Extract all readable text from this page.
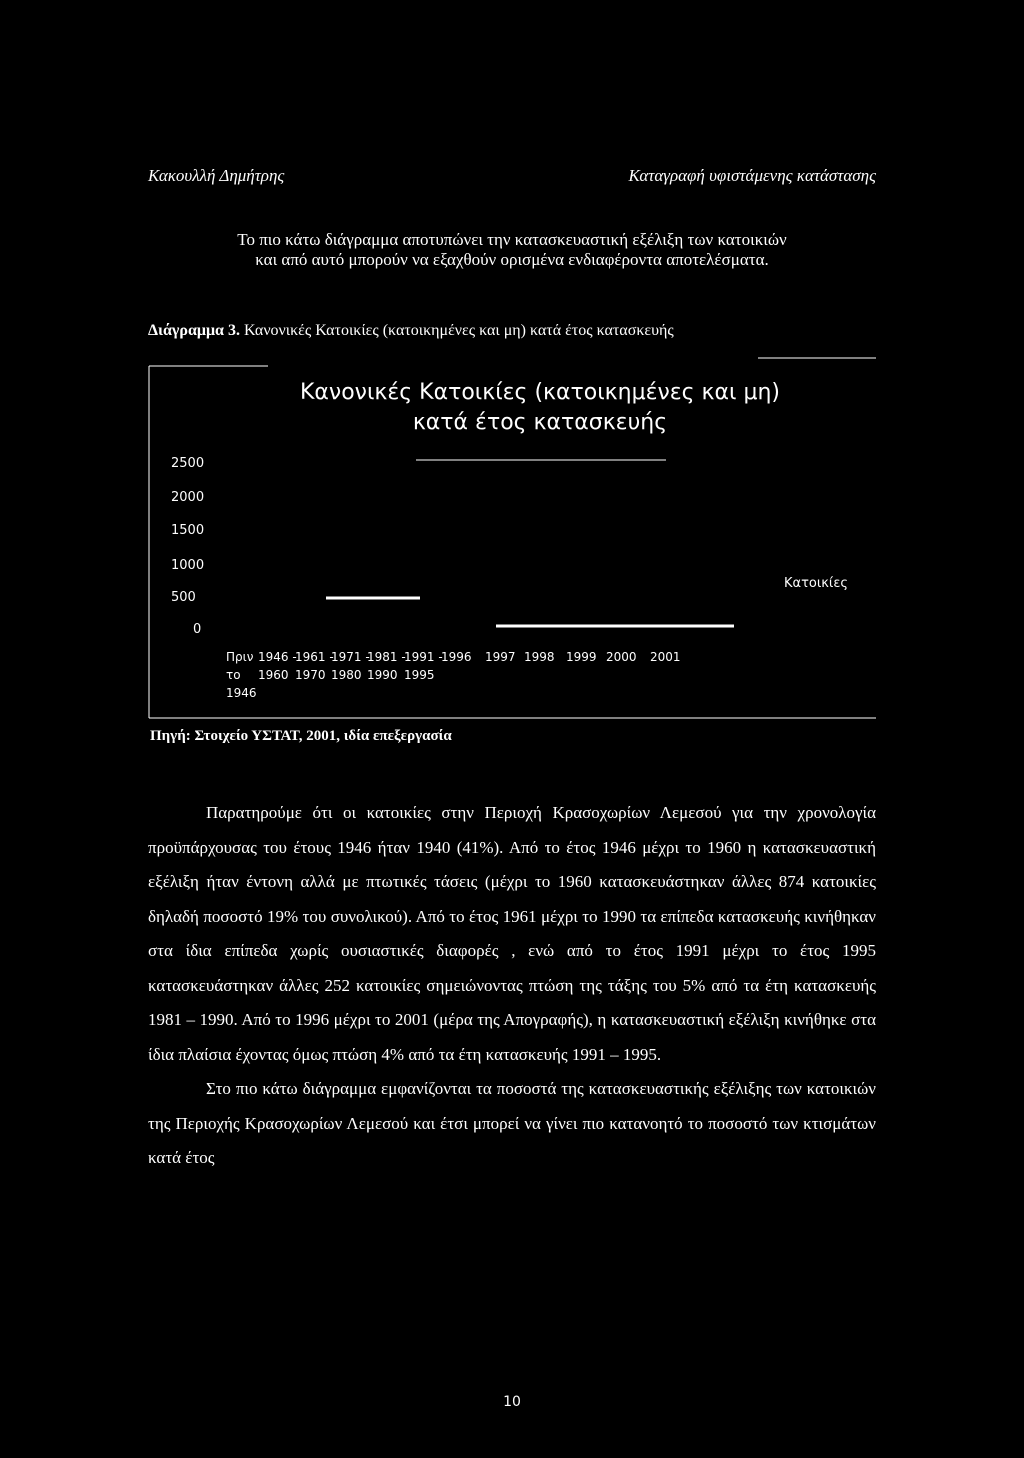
Κακουλλή Δημήτρης	Καταγραφή υφιστάμενης κατάστασης
Το πιο κάτω διάγραμμα αποτυπώνει την κατασκευαστική εξέλιξη των κατοικιών
και από αυτό μπορούν να εξαχθούν ορισμένα ενδιαφέροντα αποτελέσματα.
Διάγραμμα 3. Κανονικές Κατοικίες (κατοικημένες και μη) κατά έτος κατασκευής
Κανονικές Κατοικίες (κατοικημένες και μη)
κατά έτος κατασκευής
2500
2000
1500
1000
500
0
Πριν
το
1946
1946 -
1960
1961 -
1970
1971 -
1980
1981 -
1990
1991 -
1995
1996 1997 1998 1999 2000 2001
Κατοικίες
Πηγή: Στοιχείο ΥΣΤΑΤ, 2001, ιδία επεξεργασία

Παρατηρούμε ότι οι κατοικίες στην Περιοχή Κρασοχωρίων Λεμεσού για την χρονολογία προϋπάρχουσας του έτους 1946 ήταν 1940 (41%). Από το έτος 1946 μέχρι το 1960 η κατασκευαστική εξέλιξη ήταν έντονη αλλά με πτωτικές τάσεις (μέχρι το 1960 κατασκευάστηκαν άλλες 874 κατοικίες δηλαδή ποσοστό 19% του συνολικού). Από το έτος 1961 μέχρι το 1990 τα επίπεδα κατασκευής κινήθηκαν στα ίδια επίπεδα χωρίς ουσιαστικές διαφορές , ενώ από το έτος 1991 μέχρι το έτος 1995 κατασκευάστηκαν άλλες 252 κατοικίες σημειώνοντας πτώση της τάξης του 5% από τα έτη κατασκευής 1981 – 1990. Από το 1996 μέχρι το 2001 (μέρα της Απογραφής), η κατασκευαστική εξέλιξη κινήθηκε στα ίδια πλαίσια έχοντας όμως πτώση 4% από τα έτη κατασκευής 1991 – 1995.

Στο πιο κάτω διάγραμμα εμφανίζονται τα ποσοστά της κατασκευαστικής εξέλιξης των κατοικιών της Περιοχής Κρασοχωρίων Λεμεσού και έτσι μπορεί να γίνει πιο κατανοητό το ποσοστό των κτισμάτων κατά έτος

10
